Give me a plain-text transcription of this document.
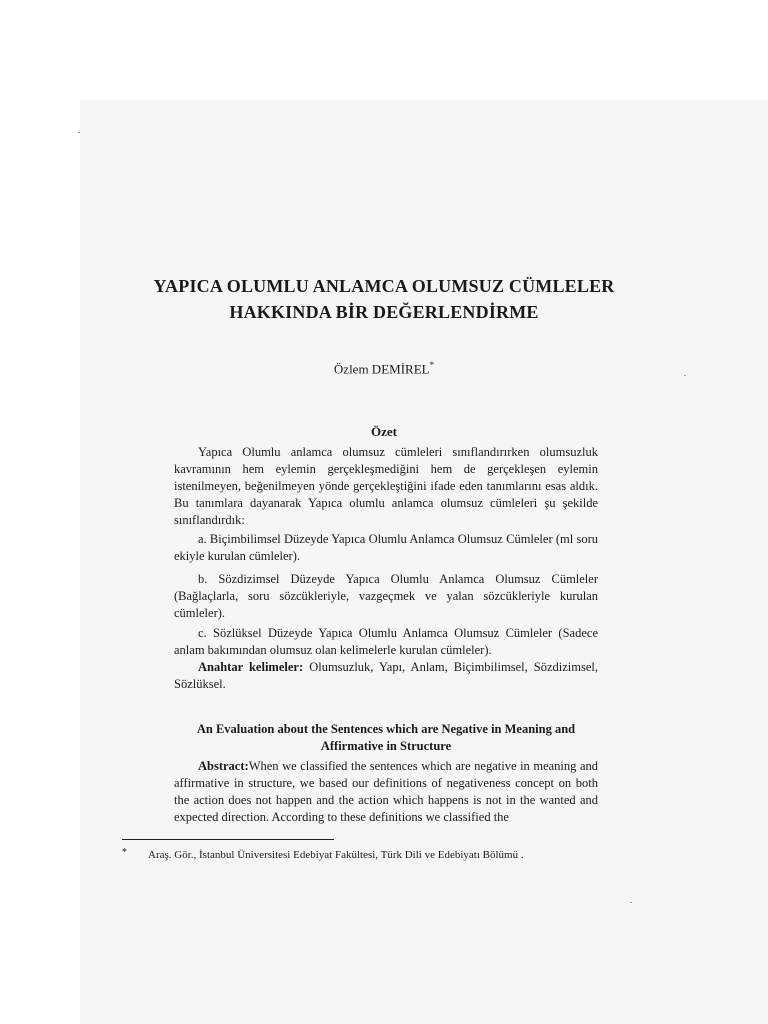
YAPICA OLUMLU ANLAMCA OLUMSUZ CÜMLELER
HAKKINDA BİR DEĞERLENDİRME
Özlem DEMİREL*
Özet

Yapıca Olumlu anlamca olumsuz cümleleri sınıflandırırken olumsuzluk kavramının hem eylemin gerçekleşmediğini hem de gerçekleşen eylemin istenilmeyen, beğenilmeyen yönde gerçekleştiğini ifade eden tanımlarını esas aldık. Bu tanımlara dayanarak Yapıca olumlu anlamca olumsuz cümleleri şu şekilde sınıflandırdık:

a. Biçimbilimsel Düzeyde Yapıca Olumlu Anlamca Olumsuz Cümleler (ml soru ekiyle kurulan cümleler).

b. Sözdizimsel Düzeyde Yapıca Olumlu Anlamca Olumsuz Cümleler (Bağlaçlarla, soru sözcükleriyle, vazgeçmek ve yalan sözcükleriyle kurulan cümleler).

c. Sözlüksel Düzeyde Yapıca Olumlu Anlamca Olumsuz Cümleler (Sadece anlam bakımından olumsuz olan kelimelerle kurulan cümleler).

Anahtar kelimeler: Olumsuzluk, Yapı, Anlam, Biçimbilimsel, Sözdizimsel, Sözlüksel.

An Evaluation about the Sentences which are Negative in Meaning and Affirmative in Structure

Abstract:When we classified the sentences which are negative in meaning and affirmative in structure, we based our definitions of negativeness concept on both the action does not happen and the action which happens is not in the wanted and expected direction. According to these definitions we classified the

* Araş. Gör., İstanbul Üniversitesi Edebiyat Fakültesi, Türk Dili ve Edebiyatı Bölümü .
